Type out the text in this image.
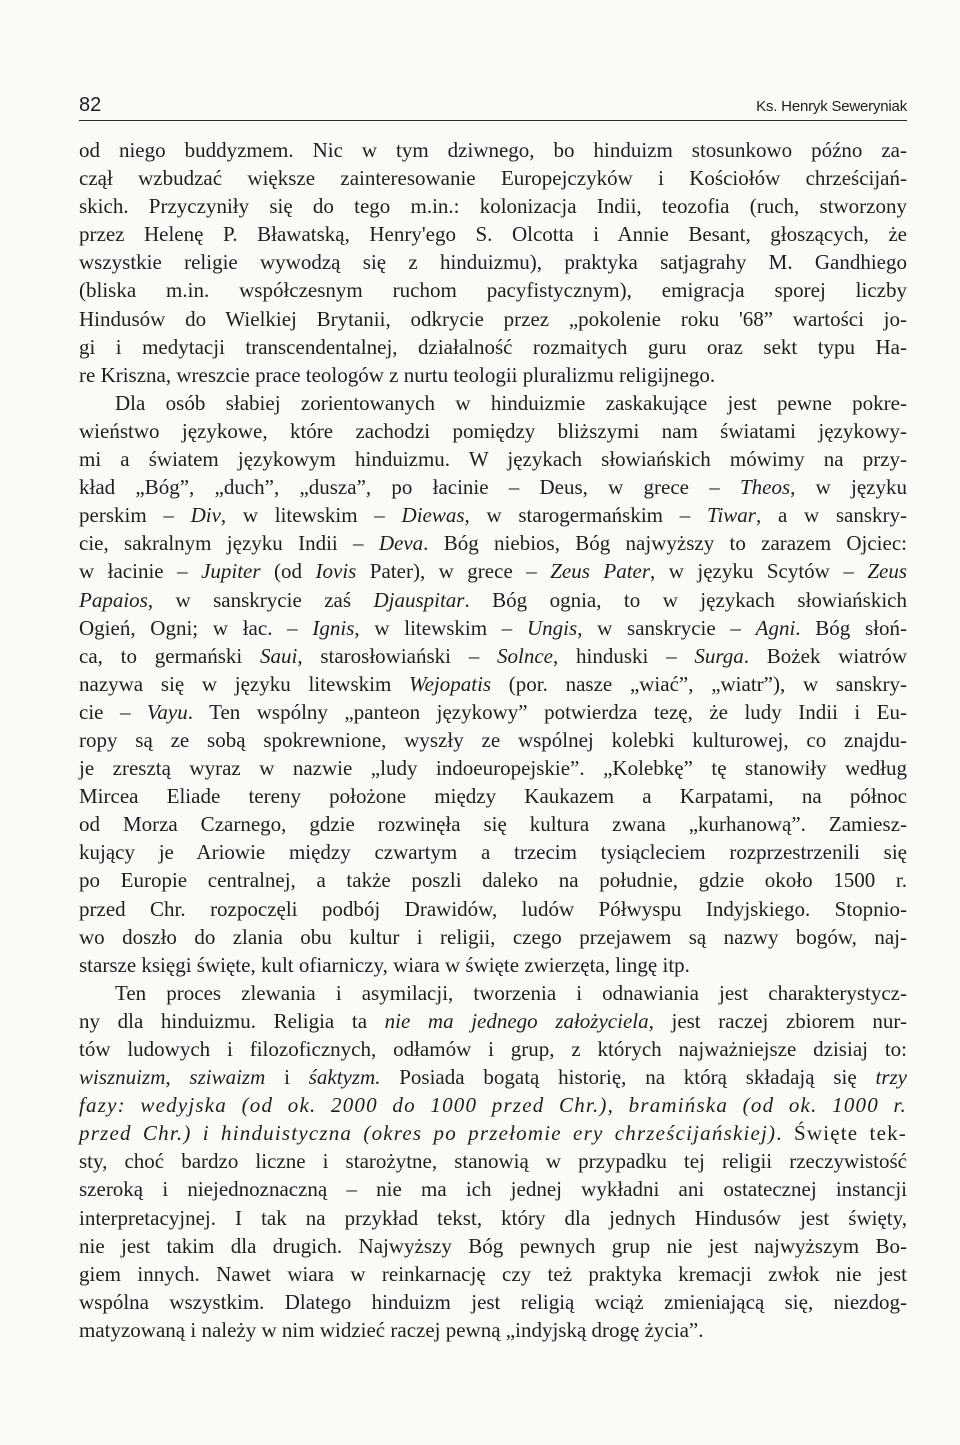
82	Ks. Henryk Seweryniak
od niego buddyzmem. Nic w tym dziwnego, bo hinduizm stosunkowo późno za-
czął wzbudzać większe zainteresowanie Europejczyków i Kościołów chrześcijań-
skich. Przyczyniły się do tego m.in.: kolonizacja Indii, teozofia (ruch, stworzony
przez Helenę P. Bławatską, Henry'ego S. Olcotta i Annie Besant, głoszących, że
wszystkie religie wywodzą się z hinduizmu), praktyka satjagrahy M. Gandhiego
(bliska m.in. współczesnym ruchom pacyfistycznym), emigracja sporej liczby
Hindusów do Wielkiej Brytanii, odkrycie przez „pokolenie roku '68” wartości jo-
gi i medytacji transcendentalnej, działalność rozmaitych guru oraz sekt typu Ha-
re Kriszna, wreszcie prace teologów z nurtu teologii pluralizmu religijnego.
Dla osób słabiej zorientowanych w hinduizmie zaskakujące jest pewne pokre-
wieństwo językowe, które zachodzi pomiędzy bliższymi nam światami językowy-
mi a światem językowym hinduizmu. W językach słowiańskich mówimy na przy-
kład „Bóg”, „duch”, „dusza”, po łacinie – Deus, w grece – Theos, w języku
perskim – Div, w litewskim – Diewas, w starogermańskim – Tiwar, a w sanskry-
cie, sakralnym języku Indii – Deva. Bóg niebios, Bóg najwyższy to zarazem Ojciec:
w łacinie – Jupiter (od Iovis Pater), w grece – Zeus Pater, w języku Scytów – Zeus
Papaios, w sanskrycie zaś Djauspitar. Bóg ognia, to w językach słowiańskich
Ogień, Ogni; w łac. – Ignis, w litewskim – Ungis, w sanskrycie – Agni. Bóg słoń-
ca, to germański Saui, starosłowiański – Solnce, hinduski – Surga. Bożek wiatrów
nazywa się w języku litewskim Wejopatis (por. nasze „wiać”, „wiatr”), w sanskry-
cie – Vayu. Ten wspólny „panteon językowy” potwierdza tezę, że ludy Indii i Eu-
ropy są ze sobą spokrewnione, wyszły ze wspólnej kolebki kulturowej, co znajdu-
je zresztą wyraz w nazwie „ludy indoeuropejskie”. „Kolebkę” tę stanowiły według
Mircea Eliade tereny położone między Kaukazem a Karpatami, na północ
od Morza Czarnego, gdzie rozwinęła się kultura zwana „kurhanową”. Zamiesz-
kujący je Ariowie między czwartym a trzecim tysiącleciem rozprzestrzenili się
po Europie centralnej, a także poszli daleko na południe, gdzie około 1500 r.
przed Chr. rozpoczęli podbój Drawidów, ludów Półwyspu Indyjskiego. Stopnio-
wo doszło do zlania obu kultur i religii, czego przejawem są nazwy bogów, naj-
starsze księgi święte, kult ofiarniczy, wiara w święte zwierzęta, lingę itp.
Ten proces zlewania i asymilacji, tworzenia i odnawiania jest charakterystycz-
ny dla hinduizmu. Religia ta nie ma jednego założyciela, jest raczej zbiorem nur-
tów ludowych i filozoficznych, odłamów i grup, z których najważniejsze dzisiaj to:
wisznuizm, sziwaizm i śaktyzm. Posiada bogatą historię, na którą składają się trzy
fazy: wedyjska (od ok. 2000 do 1000 przed Chr.), bramińska (od ok. 1000 r.
przed Chr.) i hinduistyczna (okres po przełomie ery chrześcijańskiej). Święte tek-
sty, choć bardzo liczne i starożytne, stanowią w przypadku tej religii rzeczywistość
szeroką i niejednoznaczną – nie ma ich jednej wykładni ani ostatecznej instancji
interpretacyjnej. I tak na przykład tekst, który dla jednych Hindusów jest święty,
nie jest takim dla drugich. Najwyższy Bóg pewnych grup nie jest najwyższym Bo-
giem innych. Nawet wiara w reinkarnację czy też praktyka kremacji zwłok nie jest
wspólna wszystkim. Dlatego hinduizm jest religią wciąż zmieniającą się, niezdog-
matyzowaną i należy w nim widzieć raczej pewną „indyjską drogę życia”.
